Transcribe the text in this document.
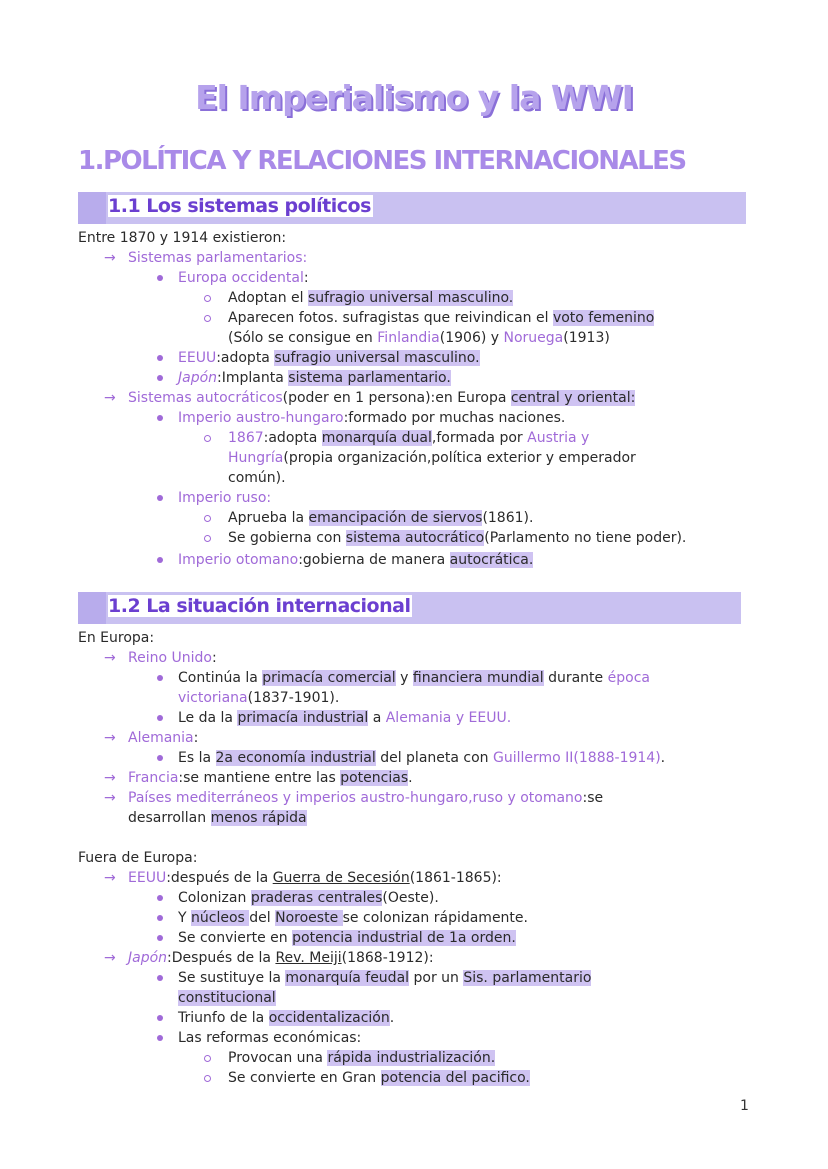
El Imperialismo y la WWI
1.POLÍTICA Y RELACIONES INTERNACIONALES
1.1 Los sistemas políticos
Entre 1870 y 1914 existieron:
→ Sistemas parlamentarios:
Europa occidental:
Adoptan el sufragio universal masculino.
Aparecen fotos. sufragistas que reivindican el voto femenino
(Sólo se consigue en Finlandia(1906) y Noruega(1913)
EEUU:adopta sufragio universal masculino.
Japón:Implanta sistema parlamentario.
→ Sistemas autocráticos(poder en 1 persona):en Europa central y oriental:
Imperio austro-hungaro:formado por muchas naciones.
1867:adopta monarquía dual,formada por Austria y
Hungría(propia organización,política exterior y emperador
común).
Imperio ruso:
Aprueba la emancipación de siervos(1861).
Se gobierna con sistema autocrático(Parlamento no tiene poder).
Imperio otomano:gobierna de manera autocrática.
1.2 La situación internacional
En Europa:
→ Reino Unido:
Continúa la primacía comercial y financiera mundial durante época
victoriana(1837-1901).
Le da la primacía industrial a Alemania y EEUU.
→ Alemania:
Es la 2a economía industrial del planeta con Guillermo II(1888-1914).
→ Francia:se mantiene entre las potencias.
→ Países mediterráneos y imperios austro-hungaro,ruso y otomano:se
desarrollan menos rápida
Fuera de Europa:
→ EEUU:después de la Guerra de Secesión(1861-1865):
Colonizan praderas centrales(Oeste).
Y núcleos del Noroeste se colonizan rápidamente.
Se convierte en potencia industrial de 1a orden.
→ Japón:Después de la Rev. Meiji(1868-1912):
Se sustituye la monarquía feudal por un Sis. parlamentario
constitucional
Triunfo de la occidentalización.
Las reformas económicas:
Provocan una rápida industrialización.
Se convierte en Gran potencia del pacifico.
1
